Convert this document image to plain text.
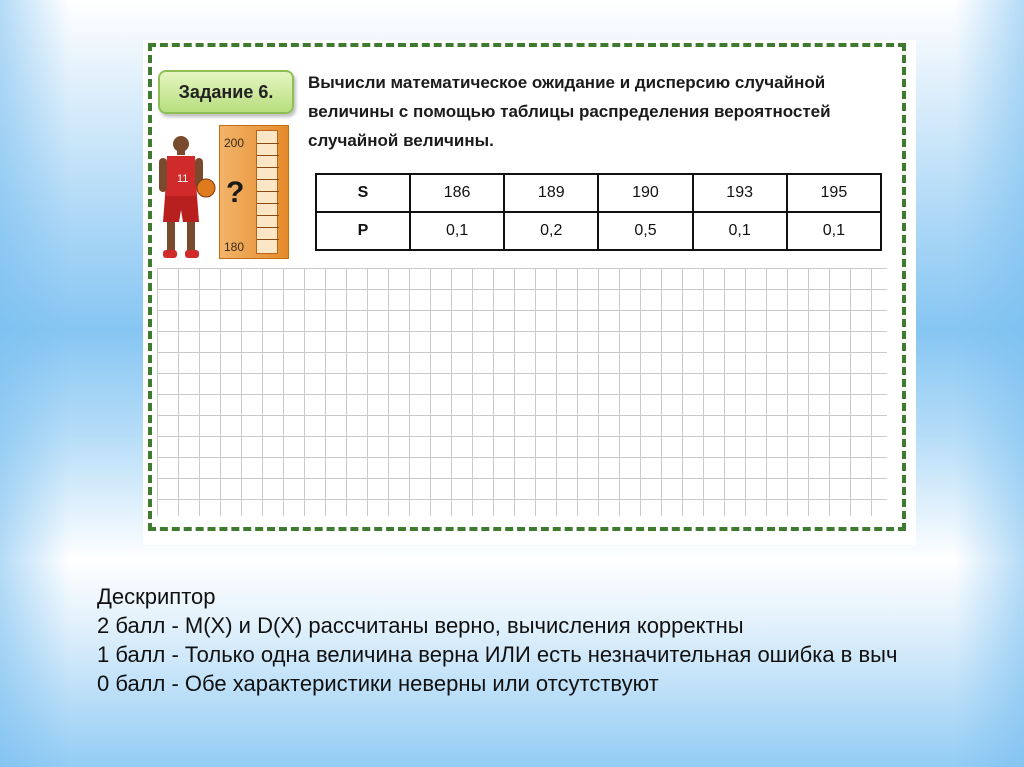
Задание 6.	Вычисли математическое ожидание и дисперсию случайной величины с помощью таблицы распределения вероятностей случайной величины.
11
200
?
180
S	186	189	190	193	195
P	0,1	0,2	0,5	0,1	0,1
Дескриптор
2 балл - M(X) и D(X) рассчитаны верно, вычисления корректны
1 балл - Только одна величина верна ИЛИ есть незначительная ошибка в выч
0 балл - Обе характеристики неверны или отсутствуют
